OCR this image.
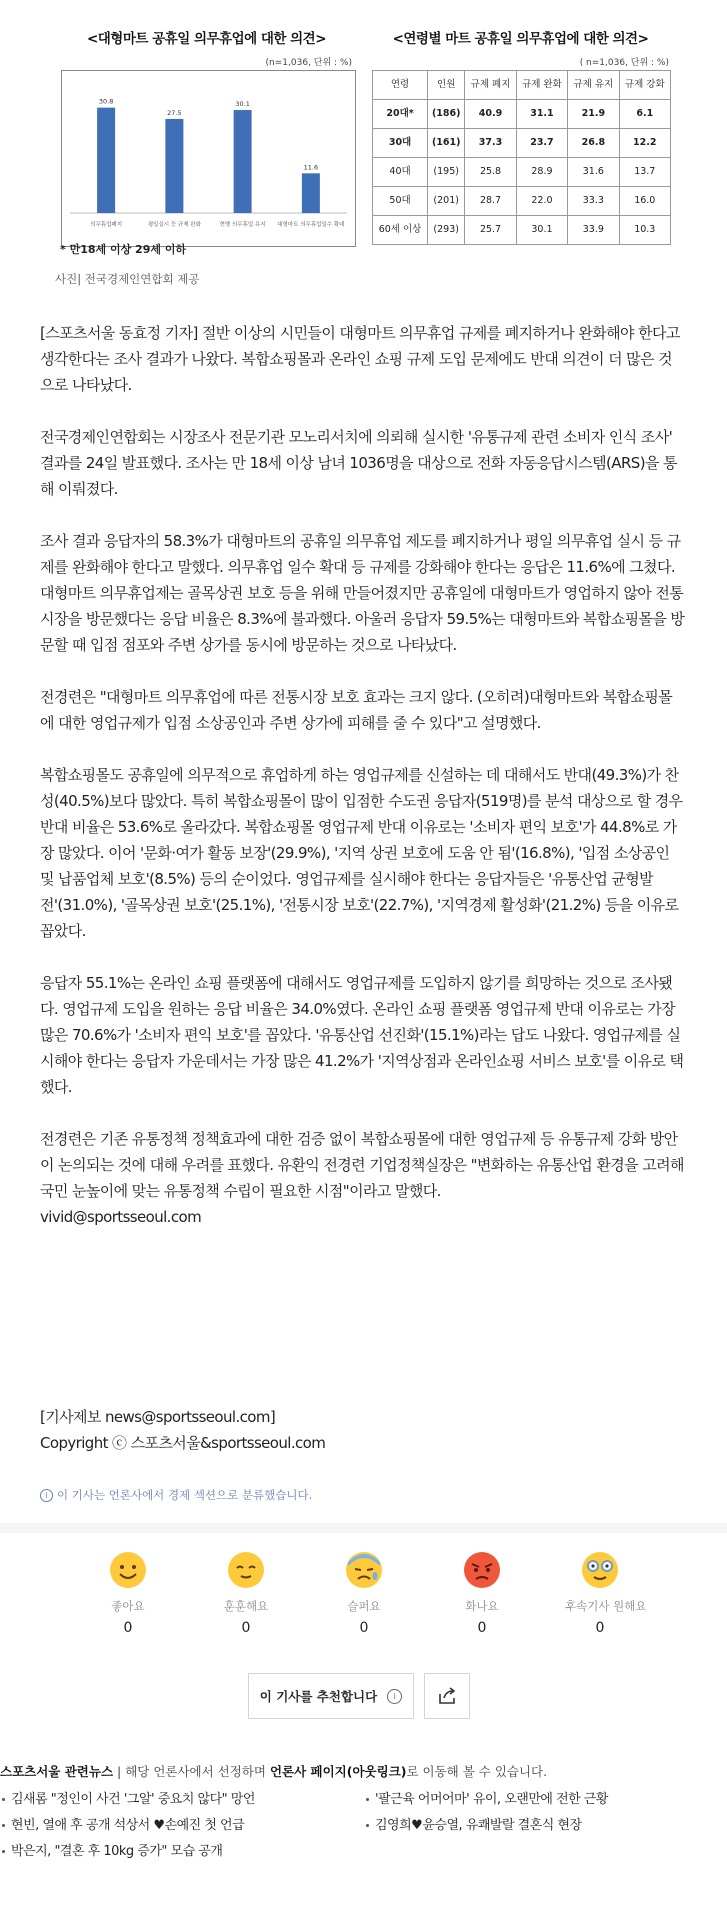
<대형마트 공휴일 의무휴업에 대한 의견>
(n=1,036, 단위 : %)
30.8
의무휴업폐지
27.5
평일실시 등 규제 완화
30.1
현행 의무휴업 유지
11.6
대형마트 의무휴업일수 확대
<연령별 마트 공휴일 의무휴업에 대한 의견>
( n=1,036, 단위 : %)
연령	인원	규제 폐지	규제 완화	규제 유지	규제 강화
20대*	(186)	40.9	31.1	21.9	6.1
30대	(161)	37.3	23.7	26.8	12.2
40대	(195)	25.8	28.9	31.6	13.7
50대	(201)	28.7	22.0	33.3	16.0
60세 이상	(293)	25.7	30.1	33.9	10.3
* 만18세 이상 29세 이하
사진| 전국경제인연합회 제공

[스포츠서울 동효정 기자] 절반 이상의 시민들이 대형마트 의무휴업 규제를 폐지하거나 완화해야 한다고 생각한다는 조사 결과가 나왔다. 복합쇼핑몰과 온라인 쇼핑 규제 도입 문제에도 반대 의견이 더 많은 것으로 나타났다.

전국경제인연합회는 시장조사 전문기관 모노리서치에 의뢰해 실시한 '유통규제 관련 소비자 인식 조사' 결과를 24일 발표했다. 조사는 만 18세 이상 남녀 1036명을 대상으로 전화 자동응답시스템(ARS)을 통해 이뤄졌다.

조사 결과 응답자의 58.3%가 대형마트의 공휴일 의무휴업 제도를 폐지하거나 평일 의무휴업 실시 등 규제를 완화해야 한다고 말했다. 의무휴업 일수 확대 등 규제를 강화해야 한다는 응답은 11.6%에 그쳤다. 대형마트 의무휴업제는 골목상권 보호 등을 위해 만들어졌지만 공휴일에 대형마트가 영업하지 않아 전통시장을 방문했다는 응답 비율은 8.3%에 불과했다. 아울러 응답자 59.5%는 대형마트와 복합쇼핑몰을 방문할 때 입점 점포와 주변 상가를 동시에 방문하는 것으로 나타났다.

전경련은 "대형마트 의무휴업에 따른 전통시장 보호 효과는 크지 않다. (오히려)대형마트와 복합쇼핑몰에 대한 영업규제가 입점 소상공인과 주변 상가에 피해를 줄 수 있다"고 설명했다.

복합쇼핑몰도 공휴일에 의무적으로 휴업하게 하는 영업규제를 신설하는 데 대해서도 반대(49.3%)가 찬성(40.5%)보다 많았다. 특히 복합쇼핑몰이 많이 입점한 수도권 응답자(519명)를 분석 대상으로 할 경우 반대 비율은 53.6%로 올라갔다. 복합쇼핑몰 영업규제 반대 이유로는 '소비자 편익 보호'가 44.8%로 가장 많았다. 이어 '문화·여가 활동 보장'(29.9%), '지역 상권 보호에 도움 안 됨'(16.8%), '입점 소상공인 및 납품업체 보호'(8.5%) 등의 순이었다. 영업규제를 실시해야 한다는 응답자들은 '유통산업 균형발전'(31.0%), '골목상권 보호'(25.1%), '전통시장 보호'(22.7%), '지역경제 활성화'(21.2%) 등을 이유로 꼽았다.

응답자 55.1%는 온라인 쇼핑 플랫폼에 대해서도 영업규제를 도입하지 않기를 희망하는 것으로 조사됐다. 영업규제 도입을 원하는 응답 비율은 34.0%였다. 온라인 쇼핑 플랫폼 영업규제 반대 이유로는 가장 많은 70.6%가 '소비자 편익 보호'를 꼽았다. '유통산업 선진화'(15.1%)라는 답도 나왔다. 영업규제를 실시해야 한다는 응답자 가운데서는 가장 많은 41.2%가 '지역상점과 온라인쇼핑 서비스 보호'를 이유로 택했다.

전경련은 기존 유통정책 정책효과에 대한 검증 없이 복합쇼핑몰에 대한 영업규제 등 유통규제 강화 방안이 논의되는 것에 대해 우려를 표했다. 유환익 전경련 기업정책실장은 "변화하는 유통산업 환경을 고려해 국민 눈높이에 맞는 유통정책 수립이 필요한 시점"이라고 말했다.

vivid@sportsseoul.com
[기사제보 news@sportsseoul.com]
Copyright ⓒ 스포츠서울&sportsseoul.com
i 이 기사는 언론사에서 경제 섹션으로 분류했습니다.
좋아요
0
훈훈해요
0
슬퍼요
0
화나요
0
후속기사 원해요
0
이 기사를 추천합니다	i
스포츠서울 관련뉴스 | 해당 언론사에서 선정하며 언론사 페이지(아웃링크)로 이동해 볼 수 있습니다.
김새롬 "정인이 사건 '그알' 중요치 않다" 망언	'팔근육 어머어마' 유이, 오랜만에 전한 근황
현빈, 열애 후 공개 석상서 ♥손예진 첫 언급	김영희♥윤승열, 유쾌발랄 결혼식 현장
박은지, "결혼 후 10kg 증가" 모습 공개
